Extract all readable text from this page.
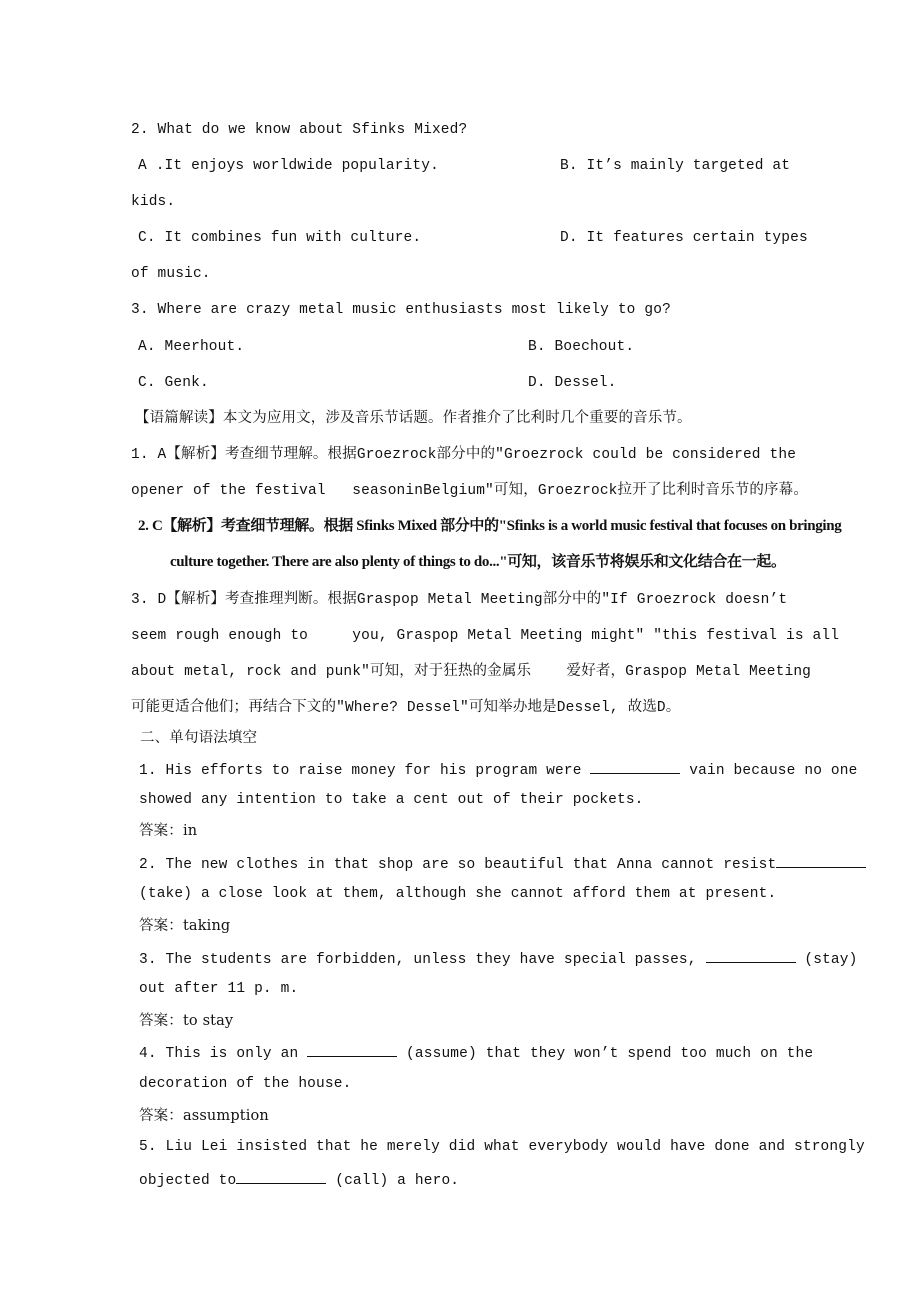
2. What do we know about Sfinks Mixed?
A .It enjoys worldwide popularity.	B. It’s mainly targeted at
kids.
C. It combines fun with culture.	D. It features certain types
of music.
3. Where are crazy metal music enthusiasts most likely to go?
A. Meerhout.	B. Boechout.
C. Genk.	D. Dessel.
【语篇解读】本文为应用文，涉及音乐节话题。作者推介了比利时几个重要的音乐节。
1. A【解析】考查细节理解。根据Groezrock部分中的"Groezrock could be considered the
opener of the festival   seasoninBelgium"可知，Groezrock拉开了比利时音乐节的序幕。
2. C【解析】考查细节理解。根据 Sfinks Mixed 部分中的"Sfinks is a world music festival that focuses on bringing
culture together. There are also plenty of things to do..."可知，该音乐节将娱乐和文化结合在一起。
3. D【解析】考查推理判断。根据Graspop Metal Meeting部分中的"If Groezrock doesn’t
seem rough enough to     you, Graspop Metal Meeting might" "this festival is all
about metal, rock and punk"可知，对于狂热的金属乐    爱好者，Graspop Metal Meeting
可能更适合他们；再结合下文的"Where? Dessel"可知举办地是Dessel, 故选D。
二、单句语法填空
1. His efforts to raise money for his program were	vain because no one
showed any intention to take a cent out of their pockets.
答案：in
2. The new clothes in that shop are so beautiful that Anna cannot resist
(take) a close look at them, although she cannot afford them at present.
答案：taking
3. The students are forbidden, unless they have special passes,	(stay)
out after 11 p. m.
答案：to stay
4. This is only an	(assume) that they won’t spend too much on the
decoration of the house.
答案：assumption
5. Liu Lei insisted that he merely did what everybody would have done and strongly
objected to	(call) a hero.
